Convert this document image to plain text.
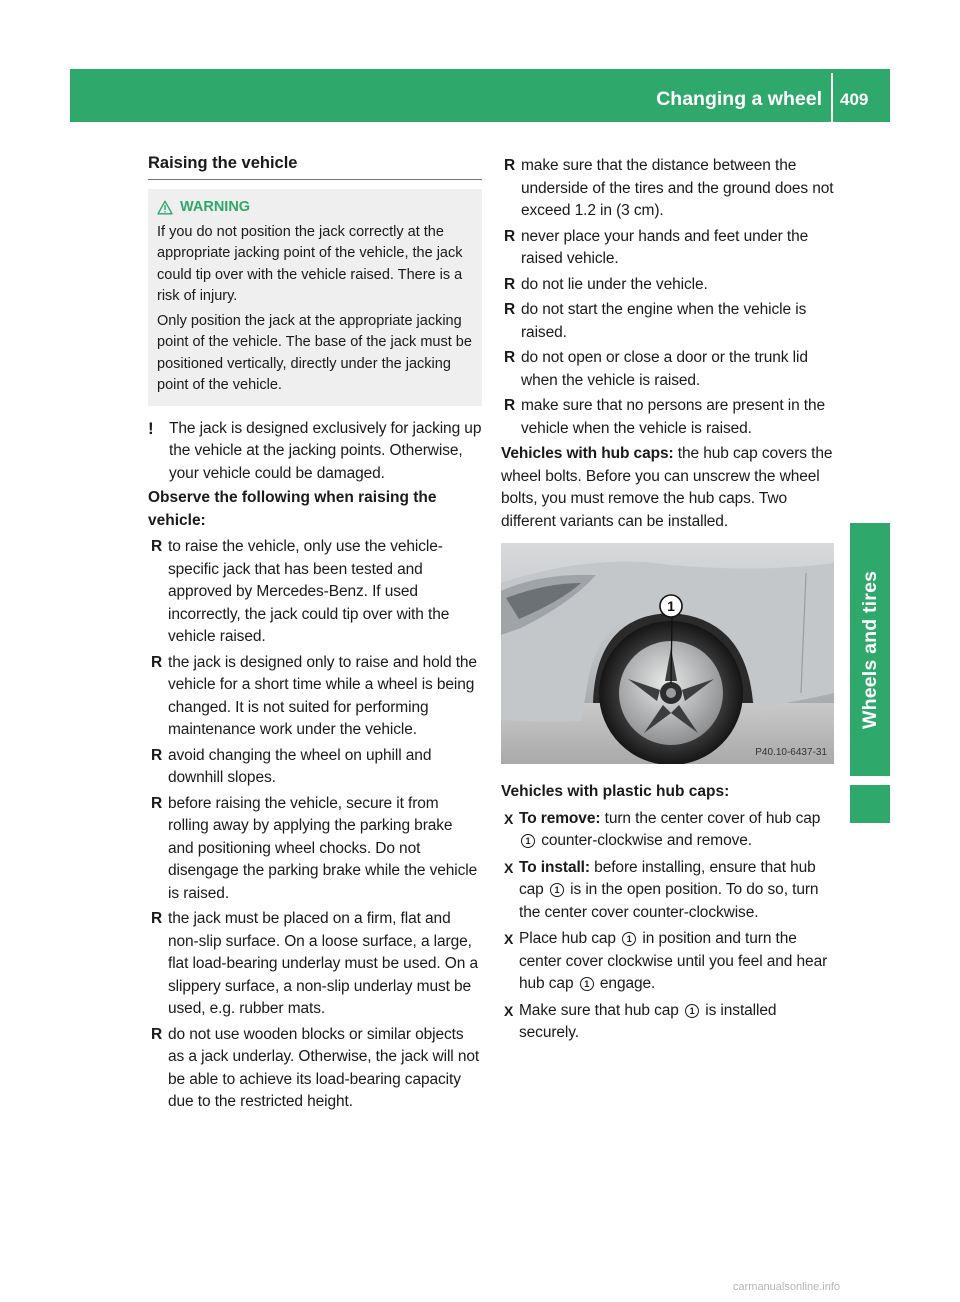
Changing a wheel 409
Wheels and tires
Raising the vehicle
WARNING

If you do not position the jack correctly at the appropriate jacking point of the vehicle, the jack could tip over with the vehicle raised. There is a risk of injury.

Only position the jack at the appropriate jacking point of the vehicle. The base of the jack must be positioned vertically, directly under the jacking point of the vehicle.

! The jack is designed exclusively for jacking up the vehicle at the jacking points. Otherwise, your vehicle could be damaged.
Observe the following when raising the vehicle:
R to raise the vehicle, only use the vehicle-specific jack that has been tested and approved by Mercedes-Benz. If used incorrectly, the jack could tip over with the vehicle raised.
R the jack is designed only to raise and hold the vehicle for a short time while a wheel is being changed. It is not suited for performing maintenance work under the vehicle.
R avoid changing the wheel on uphill and downhill slopes.
R before raising the vehicle, secure it from rolling away by applying the parking brake and positioning wheel chocks. Do not disengage the parking brake while the vehicle is raised.
R the jack must be placed on a firm, flat and non-slip surface. On a loose surface, a large, flat load-bearing underlay must be used. On a slippery surface, a non-slip underlay must be used, e.g. rubber mats.
R do not use wooden blocks or similar objects as a jack underlay. Otherwise, the jack will not be able to achieve its load-bearing capacity due to the restricted height.
R make sure that the distance between the underside of the tires and the ground does not exceed 1.2 in (3 cm).
R never place your hands and feet under the raised vehicle.
R do not lie under the vehicle.
R do not start the engine when the vehicle is raised.
R do not open or close a door or the trunk lid when the vehicle is raised.
R make sure that no persons are present in the vehicle when the vehicle is raised.

Vehicles with hub caps: the hub cap covers the wheel bolts. Before you can unscrew the wheel bolts, you must remove the hub caps. Two different variants can be installed.

1
P40.10-6437-31
Vehicles with plastic hub caps:
X To remove: turn the center cover of hub cap 1 counter-clockwise and remove.
X To install: before installing, ensure that hub cap 1 is in the open position. To do so, turn the center cover counter-clockwise.
X Place hub cap 1 in position and turn the center cover clockwise until you feel and hear hub cap 1 engage.
X Make sure that hub cap 1 is installed securely.
carmanualsonline.info
